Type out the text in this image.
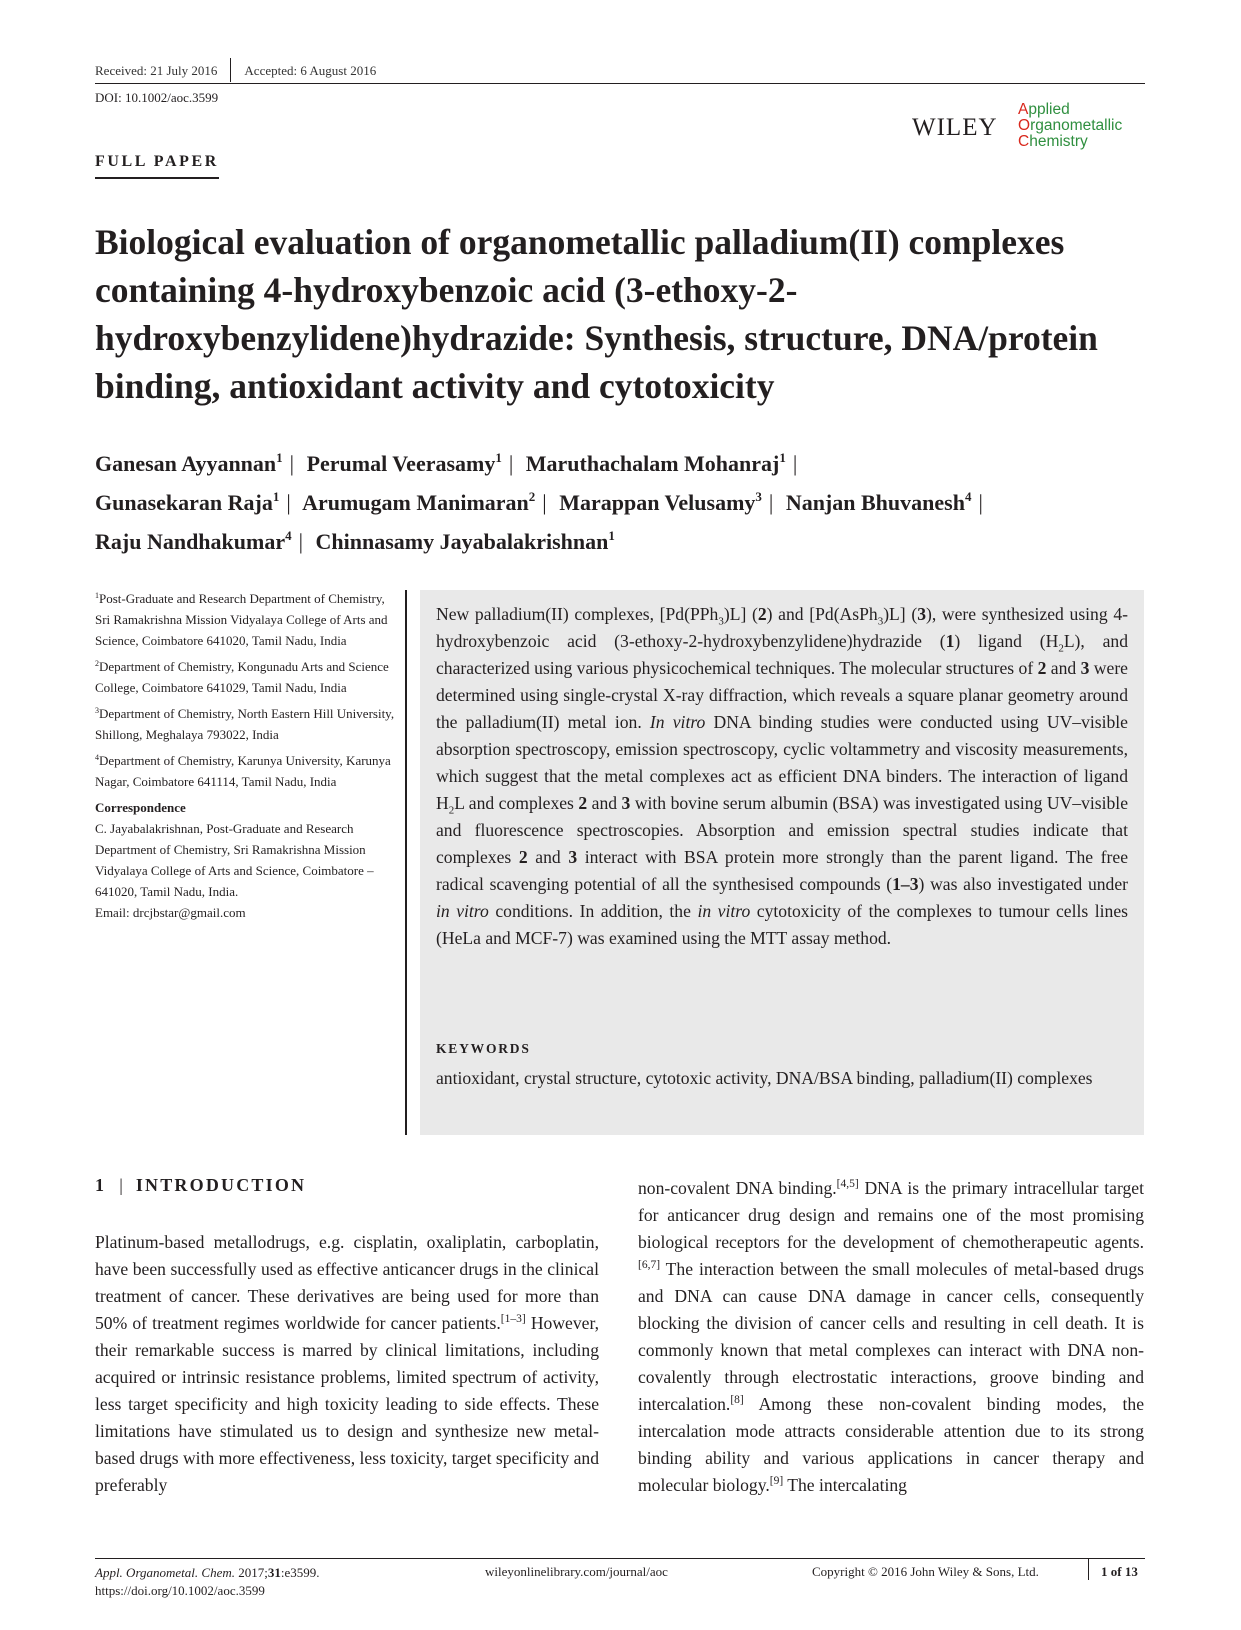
Received: 21 July 2016 Accepted: 6 August 2016
DOI: 10.1002/aoc.3599
WILEY
Applied
Organometallic
Chemistry
FULL PAPER
Biological evaluation of organometallic palladium(II) complexes containing 4-hydroxybenzoic acid (3-ethoxy-2-hydroxybenzylidene)hydrazide: Synthesis, structure, DNA/protein binding, antioxidant activity and cytotoxicity
Ganesan Ayyannan$^1$ | Perumal Veerasamy$^1$ | Maruthachalam Mohanraj$^1$ |
Gunasekaran Raja$^1$ | Arumugam Manimaran$^2$ | Marappan Velusamy$^3$ | Nanjan Bhuvanesh$^4$ |
Raju Nandhakumar$^4$ | Chinnasamy Jayabalakrishnan$^1$
$^1$Post-Graduate and Research Department of Chemistry, Sri Ramakrishna Mission Vidyalaya College of Arts and Science, Coimbatore 641020, Tamil Nadu, India
$^2$Department of Chemistry, Kongunadu Arts and Science College, Coimbatore 641029, Tamil Nadu, India
$^3$Department of Chemistry, North Eastern Hill University, Shillong, Meghalaya 793022, India
$^4$Department of Chemistry, Karunya University, Karunya Nagar, Coimbatore 641114, Tamil Nadu, India
Correspondence
C. Jayabalakrishnan, Post-Graduate and Research Department of Chemistry, Sri Ramakrishna Mission Vidyalaya College of Arts and Science, Coimbatore – 641020, Tamil Nadu, India.
Email: drcjbstar@gmail.com

New palladium(II) complexes, [Pd(PPh$_3$)L] (2) and [Pd(AsPh$_3$)L] (3), were synthesized using 4-hydroxybenzoic acid (3-ethoxy-2-hydroxybenzylidene)hydrazide (1) ligand $(H_2L)$, and characterized using various physicochemical techniques. The molecular structures of 2 and 3 were determined using single-crystal X-ray diffraction, which reveals a square planar geometry around the palladium(II) metal ion. In vitro DNA binding studies were conducted using UV–visible absorption spectroscopy, emission spectroscopy, cyclic voltammetry and viscosity measurements, which suggest that the metal complexes act as efficient DNA binders. The interaction of ligand $H_2L$ and complexes 2 and 3 with bovine serum albumin (BSA) was investigated using UV–visible and fluorescence spectroscopies. Absorption and emission spectral studies indicate that complexes 2 and 3 interact with BSA protein more strongly than the parent ligand. The free radical scavenging potential of all the synthesised compounds (1–3) was also investigated under in vitro conditions. In addition, the in vitro cytotoxicity of the complexes to tumour cells lines (HeLa and MCF-7) was examined using the MTT assay method.

KEYWORDS
antioxidant, crystal structure, cytotoxic activity, DNA/BSA binding, palladium(II) complexes
1 | INTRODUCTION

Platinum-based metallodrugs, e.g. cisplatin, oxaliplatin, carboplatin, have been successfully used as effective anticancer drugs in the clinical treatment of cancer. These derivatives are being used for more than 50% of treatment regimes worldwide for cancer patients.[1–3] However, their remarkable success is marred by clinical limitations, including acquired or intrinsic resistance problems, limited spectrum of activity, less target specificity and high toxicity leading to side effects. These limitations have stimulated us to design and synthesize new metal-based drugs with more effectiveness, less toxicity, target specificity and preferably

non-covalent DNA binding.[4,5] DNA is the primary intracellular target for anticancer drug design and remains one of the most promising biological receptors for the development of chemotherapeutic agents.[6,7] The interaction between the small molecules of metal-based drugs and DNA can cause DNA damage in cancer cells, consequently blocking the division of cancer cells and resulting in cell death. It is commonly known that metal complexes can interact with DNA non-covalently through electrostatic interactions, groove binding and intercalation.[8] Among these non-covalent binding modes, the intercalation mode attracts considerable attention due to its strong binding ability and various applications in cancer therapy and molecular biology.[9] The intercalating

Appl. Organometal. Chem. 2017;31:e3599.
https://doi.org/10.1002/aoc.3599
wileyonlinelibrary.com/journal/aoc	Copyright © 2016 John Wiley & Sons, Ltd.	1 of 13
